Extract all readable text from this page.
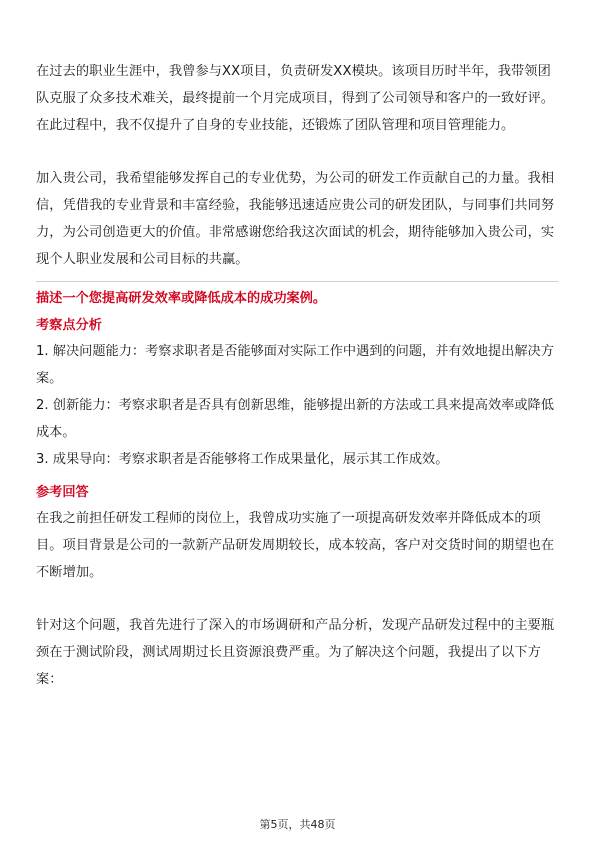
在过去的职业生涯中，我曾参与XX项目，负责研发XX模块。该项目历时半年，我带领团队克服了众多技术难关，最终提前一个月完成项目，得到了公司领导和客户的一致好评。在此过程中，我不仅提升了自身的专业技能，还锻炼了团队管理和项目管理能力。

加入贵公司，我希望能够发挥自己的专业优势，为公司的研发工作贡献自己的力量。我相信，凭借我的专业背景和丰富经验，我能够迅速适应贵公司的研发团队，与同事们共同努力，为公司创造更大的价值。非常感谢您给我这次面试的机会，期待能够加入贵公司，实现个人职业发展和公司目标的共赢。

描述一个您提高研发效率或降低成本的成功案例。

考察点分析

1. 解决问题能力：考察求职者是否能够面对实际工作中遇到的问题，并有效地提出解决方案。

2. 创新能力：考察求职者是否具有创新思维，能够提出新的方法或工具来提高效率或降低成本。

3. 成果导向：考察求职者是否能够将工作成果量化，展示其工作成效。

参考回答

在我之前担任研发工程师的岗位上，我曾成功实施了一项提高研发效率并降低成本的项目。项目背景是公司的一款新产品研发周期较长，成本较高，客户对交货时间的期望也在不断增加。

针对这个问题，我首先进行了深入的市场调研和产品分析，发现产品研发过程中的主要瓶颈在于测试阶段，测试周期过长且资源浪费严重。为了解决这个问题，我提出了以下方案：

第5页，共48页
